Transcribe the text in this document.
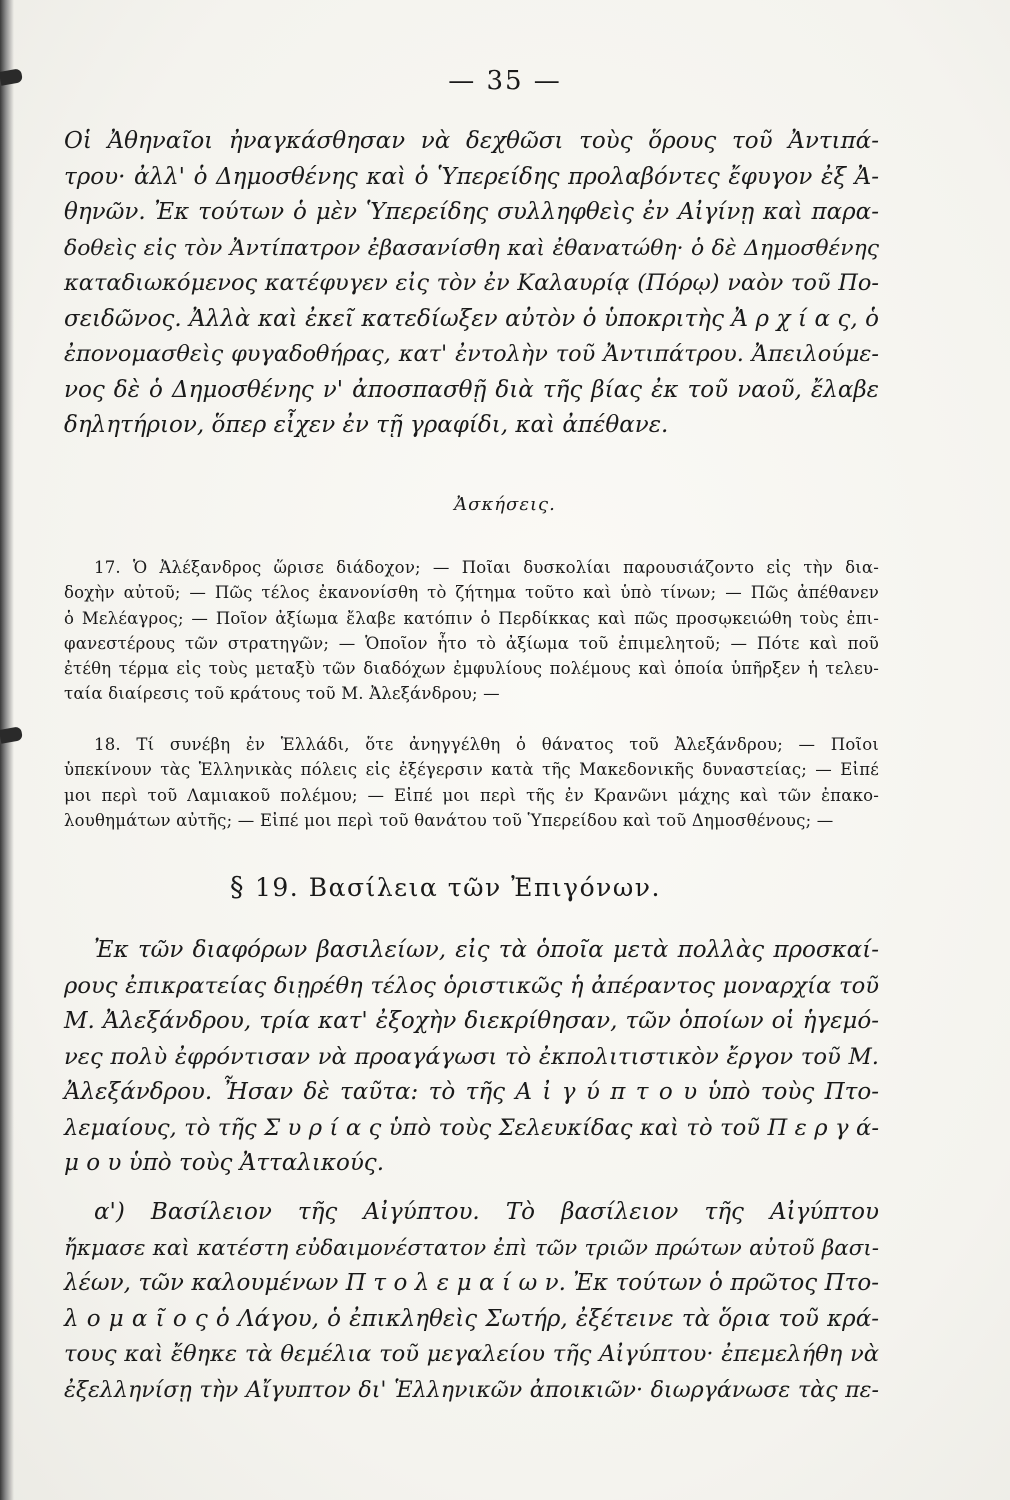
— 35 —
Οἱ Ἀθηναῖοι ἠναγκάσθησαν νὰ δεχθῶσι τοὺς ὅρους τοῦ Ἀντιπά-
τρου· ἀλλ' ὁ Δημοσθένης καὶ ὁ Ὑπερείδης προλαβόντες ἔφυγον ἐξ Ἀ-
θηνῶν. Ἐκ τούτων ὁ μὲν Ὑπερείδης συλληφθεὶς ἐν Αἰγίνῃ καὶ παρα-
δοθεὶς εἰς τὸν Ἀντίπατρον ἐβασανίσθη καὶ ἐθανατώθη· ὁ δὲ Δημοσθένης
καταδιωκόμενος κατέφυγεν εἰς τὸν ἐν Καλαυρίᾳ (Πόρῳ) ναὸν τοῦ Πο-
σειδῶνος. Ἀλλὰ καὶ ἐκεῖ κατεδίωξεν αὐτὸν ὁ ὑποκριτὴς Ἀ ρ χ ί α ς, ὁ
ἐπονομασθεὶς φυγαδοθήρας, κατ' ἐντολὴν τοῦ Ἀντιπάτρου. Ἀπειλούμε-
νος δὲ ὁ Δημοσθένης ν' ἀποσπασθῇ διὰ τῆς βίας ἐκ τοῦ ναοῦ, ἔλαβε
δηλητήριον, ὅπερ εἶχεν ἐν τῇ γραφίδι, καὶ ἀπέθανε.
Ἀσκήσεις.
17. Ὁ Ἀλέξανδρος ὥρισε διάδοχον; — Ποῖαι δυσκολίαι παρουσιάζοντο εἰς τὴν δια-
δοχὴν αὐτοῦ; — Πῶς τέλος ἐκανονίσθη τὸ ζήτημα τοῦτο καὶ ὑπὸ τίνων; — Πῶς ἀπέθανεν
ὁ Μελέαγρος; — Ποῖον ἀξίωμα ἔλαβε κατόπιν ὁ Περδίκκας καὶ πῶς προσῳκειώθη τοὺς ἐπι-
φανεστέρους τῶν στρατηγῶν; — Ὁποῖον ἦτο τὸ ἀξίωμα τοῦ ἐπιμελητοῦ; — Πότε καὶ ποῦ
ἐτέθη τέρμα εἰς τοὺς μεταξὺ τῶν διαδόχων ἐμφυλίους πολέμους καὶ ὁποία ὑπῆρξεν ἡ τελευ-
ταία διαίρεσις τοῦ κράτους τοῦ Μ. Ἀλεξάνδρου; —
18. Τί συνέβη ἐν Ἑλλάδι, ὅτε ἀνηγγέλθη ὁ θάνατος τοῦ Ἀλεξάνδρου; — Ποῖοι
ὑπεκίνουν τὰς Ἑλληνικὰς πόλεις εἰς ἐξέγερσιν κατὰ τῆς Μακεδονικῆς δυναστείας; — Εἰπέ
μοι περὶ τοῦ Λαμιακοῦ πολέμου; — Εἰπέ μοι περὶ τῆς ἐν Κρανῶνι μάχης καὶ τῶν ἐπακο-
λουθημάτων αὐτῆς; — Εἰπέ μοι περὶ τοῦ θανάτου τοῦ Ὑπερείδου καὶ τοῦ Δημοσθένους; —
§ 19. Βασίλεια τῶν Ἐπιγόνων.
Ἐκ τῶν διαφόρων βασιλείων, εἰς τὰ ὁποῖα μετὰ πολλὰς προσκαί-
ρους ἐπικρατείας διῃρέθη τέλος ὁριστικῶς ἡ ἀπέραντος μοναρχία τοῦ
Μ. Ἀλεξάνδρου, τρία κατ' ἐξοχὴν διεκρίθησαν, τῶν ὁποίων οἱ ἡγεμό-
νες πολὺ ἐφρόντισαν νὰ προαγάγωσι τὸ ἐκπολιτιστικὸν ἔργον τοῦ Μ.
Ἀλεξάνδρου. Ἦσαν δὲ ταῦτα: τὸ τῆς Α ἰ γ ύ π τ ο υ ὑπὸ τοὺς Πτο-
λεμαίους, τὸ τῆς Σ υ ρ ί α ς ὑπὸ τοὺς Σελευκίδας καὶ τὸ τοῦ Π ε ρ γ ά-
μ ο υ ὑπὸ τοὺς Ἀτταλικούς.
α') Βασίλειον τῆς Αἰγύπτου. Τὸ βασίλειον τῆς Αἰγύπτου
ἤκμασε καὶ κατέστη εὐδαιμονέστατον ἐπὶ τῶν τριῶν πρώτων αὐτοῦ βασι-
λέων, τῶν καλουμένων Π τ ο λ ε μ α ί ω ν. Ἐκ τούτων ὁ πρῶτος Πτο-
λ ο μ α ῖ ο ς ὁ Λάγου, ὁ ἐπικληθεὶς Σωτήρ, ἐξέτεινε τὰ ὅρια τοῦ κρά-
τους καὶ ἔθηκε τὰ θεμέλια τοῦ μεγαλείου τῆς Αἰγύπτου· ἐπεμελήθη νὰ
ἐξελληνίσῃ τὴν Αἴγυπτον δι' Ἑλληνικῶν ἀποικιῶν· διωργάνωσε τὰς πε-
